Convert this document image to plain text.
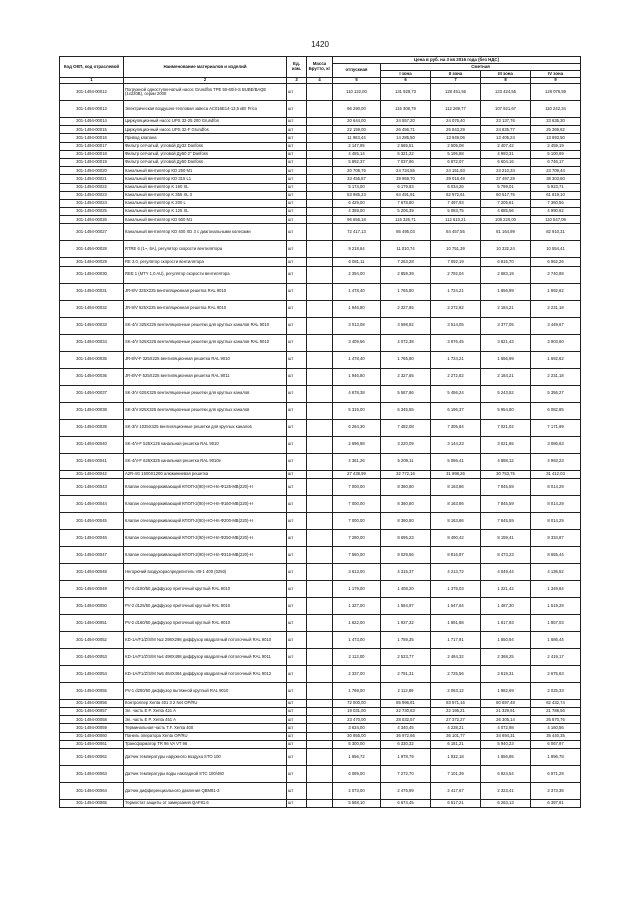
1420
Код ОКП, код отраслевой	Наименование материалов и изделий	Ед. изм.	Масса Брутто, кг	Цена в руб. на 3 кв 2016 года (без НДС)				
				отпускная	Сметная			
					I зона	II зона	III зона	IV зона
1	2	3	4	5	6	7	8	9
301-1494-00012	Погружной одноступенчатый насос Grundfos TPE 50-60/4-S BUBE/BAQE (1х220В), серии 2000	шт		110 122,00	131 929,73	128 451,56	123 424,55	126 076,59
301-1494-00013	Электрическая воздушно-тепловая завеса AC016E14-13,5 кВт Frico	шт		96 290,00	115 308,79	112 269,77	107 921,67	110 242,34
301-1494-00014	Циркуляционный насос UPS 32-25 200 Grundfos	шт		20 644,00	24 557,20	24 076,40	23 137,76	23 635,30
301-1494-00015	Циркуляционный насос UPS 32-F Grundfos	шт		22 159,00	26 456,71	25 843,29	24 835,77	25 369,82
301-1494-00016	Привод клапана	шт		11 963,44	14 285,50	13 949,06	13 405,24	13 693,50
301-1494-00017	Фильтр сетчатый, угловой Ду32 Danfoss	шт		2 147,95	2 565,51	2 505,08	2 407,42	2 459,19
301-1494-00018	Фильтр сетчатый, угловой Ду50 2" Danfoss	шт		4 455,14	5 321,22	5 195,88	4 993,31	5 100,69
301-1494-00019	Фильтр сетчатый, угловой Ду50 Danfoss	шт		5 892,37	7 037,86	6 872,07	6 604,16	6 746,17
301-1494-00020	Канальный вентилятор KD 250 M1	шт		20 708,76	24 734,55	24 151,93	23 210,34	23 709,44
301-1494-00021	Канальный вентилятор KD 315 L1	шт		33 455,87	39 959,70	39 018,48	37 497,29	38 303,60
301-1494-00022	Канальный вентилятор K 160 XL	шт		5 174,00	6 179,83	6 034,26	5 799,01	5 923,71
301-1494-00023	Канальный вентилятор K 355 XL 3	шт		53 985,23	64 491,91	62 972,61	60 517,76	61 819,10
301-1494-00024	Канальный вентилятор K 200 L	шт		6 429,00	7 678,80	7 497,93	7 205,61	7 360,56
301-1494-00025	Канальный вентилятор K 125 XL	шт		4 359,00	5 206,39	5 083,75	4 885,56	4 990,62
301-1494-00026	Канальный вентилятор KD 500 M1	шт		96 656,18	115 326,71	112 610,21	108 220,00	110 547,09
301-1494-00027	Канальный вентилятор KD 400 XD 3 с диагональными колесами	шт		72 417,13	86 495,03	84 457,55	81 164,99	82 910,31
301-1494-00028	RTRE 6 (1~, 6A), регулятор скорости вентилятора	шт		9 218,64	11 010,74	10 751,39	10 332,24	10 554,41
301-1494-00029	RE 3.0, регулятор скорости вентилятора	шт		6 081,11	7 263,28	7 092,19	6 815,70	6 962,26
301-1494-00030	REE 1 (MTY 1,0 AU), регулятор скорости вентилятора	шт		2 394,00	2 859,39	2 792,04	2 683,19	2 740,89
301-1494-00031	JR-8/V 325Х225 вентиляционная решетка RAL 9010	шт		1 478,40	1 765,80	1 724,21	1 656,99	1 692,62
301-1494-00032	JR-8/V 525Х225 вентиляционная решетка RAL 9010	шт		1 946,80	2 327,65	2 272,82	2 184,21	2 231,18
301-1494-00033	SK-4/V 325Х225 вентиляционные решетки для круглых каналов RAL 9010	шт		3 013,08	3 598,82	3 514,05	3 377,05	3 449,67
301-1494-00034	SK-4/V 525Х225 вентиляционные решетки для круглых каналов RAL 9010	шт		3 409,56	4 072,38	3 976,45	3 821,43	3 903,60
301-1494-00035	JR-8/V-F 325Х225 вентиляционная решетка RAL 9010	шт		1 478,40	1 765,80	1 724,21	1 656,99	1 692,62
301-1494-00036	JR-8/V-F 525Х225 вентиляционная решетка RAL 9011	шт		1 946,80	2 327,65	2 272,82	2 184,21	2 231,18
301-1494-00037	SK-3/V 625Х325 вентиляционные решетки для круглых каналов	шт		4 678,38	5 587,86	5 456,24	5 243,52	5 356,27
301-1494-00038	SK-3/V 825Х325 вентиляционные решетки для круглых каналов	шт		5 315,00	6 345,55	6 196,37	5 954,80	6 082,85
301-1494-00039	SK-3/V 1025Х325 вентиляционные решетки для круглых каналов	шт		6 264,30	7 482,08	7 305,84	7 021,02	7 171,99
301-1494-00040	SK-4/V-F 525Х125 канальная решетка RAL 9010	шт		2 696,98	3 220,09	3 144,23	3 021,65	3 086,63
301-1494-00041	SK-4/V-F 625Х325 канальная решетка RAL 9010e	шт		4 361,26	5 209,11	5 086,41	4 888,12	4 993,23
301-1494-00042	A2R-4G 1500Х1200 алюминиевая решетка	шт		27 438,99	32 772,16	31 998,26	30 753,75	31 412,03
301-1494-00043	Клапан огнезадерживающий КПОП-2(90)-НО-Нп-Ф125-МВ(220)-Н	шт		7 000,00	8 360,80	8 163,86	7 845,59	8 014,29
301-1494-00044	Клапан огнезадерживающий КПОП-2(90)-НО-Нп-Ф160-МВ(220)-Н	шт		7 000,00	8 360,80	8 163,86	7 845,59	8 014,29
301-1494-00045	Клапан огнезадерживающий КПОП-2(90)-НО-Нп-Ф200-МВ(220)-Н	шт		7 000,00	8 360,80	8 163,86	7 845,59	8 014,29
301-1494-00046	Клапан огнезадерживающий КПОП-2(90)-НО-Нп-Ф250-МВ(220)-Н	шт		7 280,00	8 695,23	8 490,42	8 159,41	8 334,87
301-1494-00047	Клапан огнезадерживающий КПОП-2(90)-НО-Нп-Ф315-МВ(220)-Н	шт		7 560,00	9 029,66	8 816,97	8 473,23	8 655,44
301-1494-00048	Негорючий воздухораспределитель VB-1 400 (0250)	шт		3 613,00	4 315,37	4 213,72	4 049,44	4 136,52
301-1494-00049	PV-2 d100/50 диффузор приточный круглый RAL 9010	шт		1 179,00	1 408,20	1 375,03	1 321,42	1 349,84
301-1494-00050	PV-2 d125/50 диффузор приточный круглый RAL 9010	шт		1 327,00	1 584,97	1 547,64	1 487,30	1 519,28
301-1494-00051	PV-2 d160/50 диффузор приточный круглый RAL 9010	шт		1 622,00	1 937,32	1 891,68	1 817,93	1 857,03
301-1494-00052	KD-1A/F1/Z/S/M №2 298Х298 диффузор квадратный потолочный RAL 9010	шт		1 473,00	1 759,35	1 717,91	1 650,94	1 686,44
301-1494-00053	KD-1A/F1/Z/S/M №4 498Х498 диффузор квадратный потолочный RAL 9011	шт		2 113,00	2 523,77	2 464,32	2 368,25	2 419,17
301-1494-00054	KD-1A/F1/Z/S/M №5 464Х464 диффузор квадратный потолочный RAL 9012	шт		2 337,00	2 791,31	2 725,56	2 619,31	2 675,63
301-1494-00055	PV-1 d200/50 диффузор вытяжной круглый RAL 9010	шт		1 769,00	2 112,89	2 063,12	1 982,69	2 025,33
301-1494-00056	Контроллер Xenta 401 3 2 Net OP/RU	шт		72 000,00	85 996,81	83 971,16	80 697,48	82 432,74
301-1494-00057	Эл. часть E P. Xenta 421 A	шт		19 031,00	22 730,63	22 195,21	21 329,91	21 788,56
301-1494-00058	Эл. часть E P. Xenta 451 A	шт		23 470,00	28 032,57	27 372,27	26 305,14	26 870,76
301-1494-00059	Терминальная часть T.F. Xenta 400	шт		3 634,00	4 340,45	4 238,21	4 072,98	4 160,56
301-1494-00060	Панель оператора Xenta OP/RU	шт		30 955,00	36 972,66	36 101,77	34 694,31	35 440,35
301-1494-00061	Трансформатор TR 96 VA VT 96	шт		5 300,00	6 330,32	6 181,21	5 940,23	6 067,97
301-1494-00062	Датчик температуры наружного воздуха STO 100	шт		1 656,72	1 978,79	1 932,18	1 856,85	1 896,78
301-1494-00063	Датчик температуры воды накладной STC 100/460	шт		6 089,00	7 272,70	7 101,39	6 824,54	6 971,29
301-1494-00064	Датчик дифференциального давления QBM81-3	шт		2 073,00	2 475,99	2 417,67	2 323,41	2 373,38
301-1494-00065	Термостат защиты от замерзания QAF81.6	шт		5 568,10	6 674,45	6 517,21	6 263,13	6 397,81
